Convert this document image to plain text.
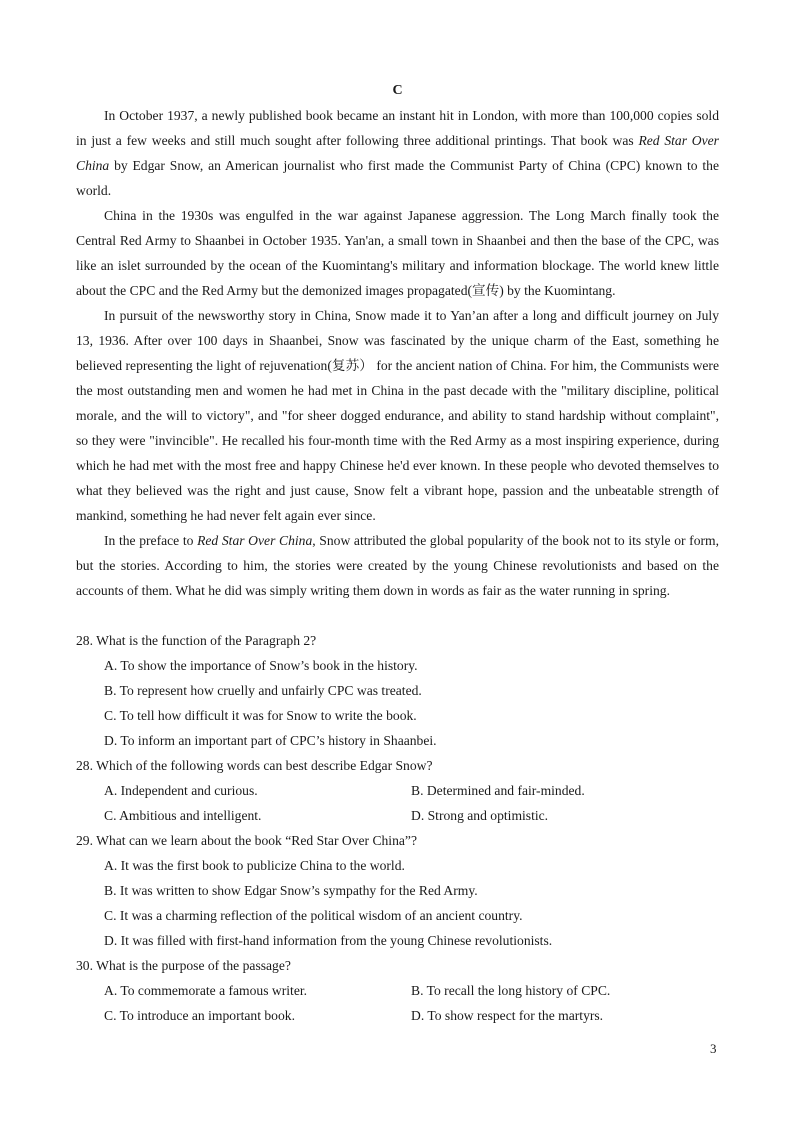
C

In October 1937, a newly published book became an instant hit in London, with more than 100,000 copies sold in just a few weeks and still much sought after following three additional printings. That book was Red Star Over China by Edgar Snow, an American journalist who first made the Communist Party of China (CPC) known to the world.

China in the 1930s was engulfed in the war against Japanese aggression. The Long March finally took the Central Red Army to Shaanbei in October 1935. Yan'an, a small town in Shaanbei and then the base of the CPC, was like an islet surrounded by the ocean of the Kuomintang's military and information blockage. The world knew little about the CPC and the Red Army but the demonized images propagated(宣传) by the Kuomintang.

In pursuit of the newsworthy story in China, Snow made it to Yan’an after a long and difficult journey on July 13, 1936. After over 100 days in Shaanbei, Snow was fascinated by the unique charm of the East, something he believed representing the light of rejuvenation(复苏） for the ancient nation of China. For him, the Communists were the most outstanding men and women he had met in China in the past decade with the "military discipline, political morale, and the will to victory", and "for sheer dogged endurance, and ability to stand hardship without complaint", so they were "invincible". He recalled his four-month time with the Red Army as a most inspiring experience, during which he had met with the most free and happy Chinese he'd ever known. In these people who devoted themselves to what they believed was the right and just cause, Snow felt a vibrant hope, passion and the unbeatable strength of mankind, something he had never felt again ever since.

In the preface to Red Star Over China, Snow attributed the global popularity of the book not to its style or form, but the stories. According to him, the stories were created by the young Chinese revolutionists and based on the accounts of them. What he did was simply writing them down in words as fair as the water running in spring.

28. What is the function of the Paragraph 2?
A. To show the importance of Snow’s book in the history.
B. To represent how cruelly and unfairly CPC was treated.
C. To tell how difficult it was for Snow to write the book.
D. To inform an important part of CPC’s history in Shaanbei.
28. Which of the following words can best describe Edgar Snow?
A. Independent and curious.	B. Determined and fair-minded.
C. Ambitious and intelligent.	D. Strong and optimistic.
29. What can we learn about the book “Red Star Over China”?
A. It was the first book to publicize China to the world.
B. It was written to show Edgar Snow’s sympathy for the Red Army.
C. It was a charming reflection of the political wisdom of an ancient country.
D. It was filled with first-hand information from the young Chinese revolutionists.
30. What is the purpose of the passage?
A. To commemorate a famous writer.	B. To recall the long history of CPC.
C. To introduce an important book.	D. To show respect for the martyrs.
3
